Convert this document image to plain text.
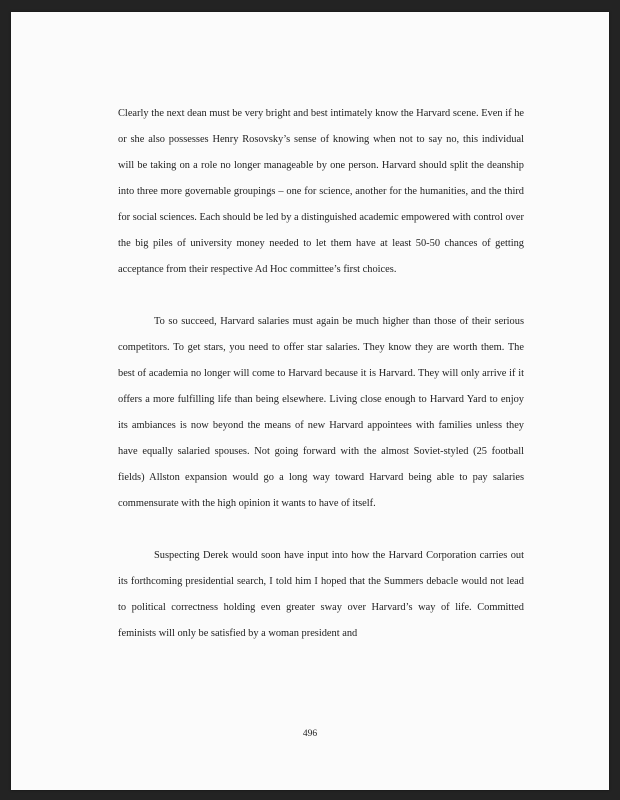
Clearly the next dean must be very bright and best intimately know the Harvard scene. Even if he or she also possesses Henry Rosovsky’s sense of knowing when not to say no, this individual will be taking on a role no longer manageable by one person. Harvard should split the deanship into three more governable groupings – one for science, another for the humanities, and the third for social sciences. Each should be led by a distinguished academic empowered with control over the big piles of university money needed to let them have at least 50-50 chances of getting acceptance from their respective Ad Hoc committee’s first choices.

To so succeed, Harvard salaries must again be much higher than those of their serious competitors. To get stars, you need to offer star salaries. They know they are worth them. The best of academia no longer will come to Harvard because it is Harvard. They will only arrive if it offers a more fulfilling life than being elsewhere. Living close enough to Harvard Yard to enjoy its ambiances is now beyond the means of new Harvard appointees with families unless they have equally salaried spouses. Not going forward with the almost Soviet-styled (25 football fields) Allston expansion would go a long way toward Harvard being able to pay salaries commensurate with the high opinion it wants to have of itself.

Suspecting Derek would soon have input into how the Harvard Corporation carries out its forthcoming presidential search, I told him I hoped that the Summers debacle would not lead to political correctness holding even greater sway over Harvard’s way of life. Committed feminists will only be satisfied by a woman president and

496
